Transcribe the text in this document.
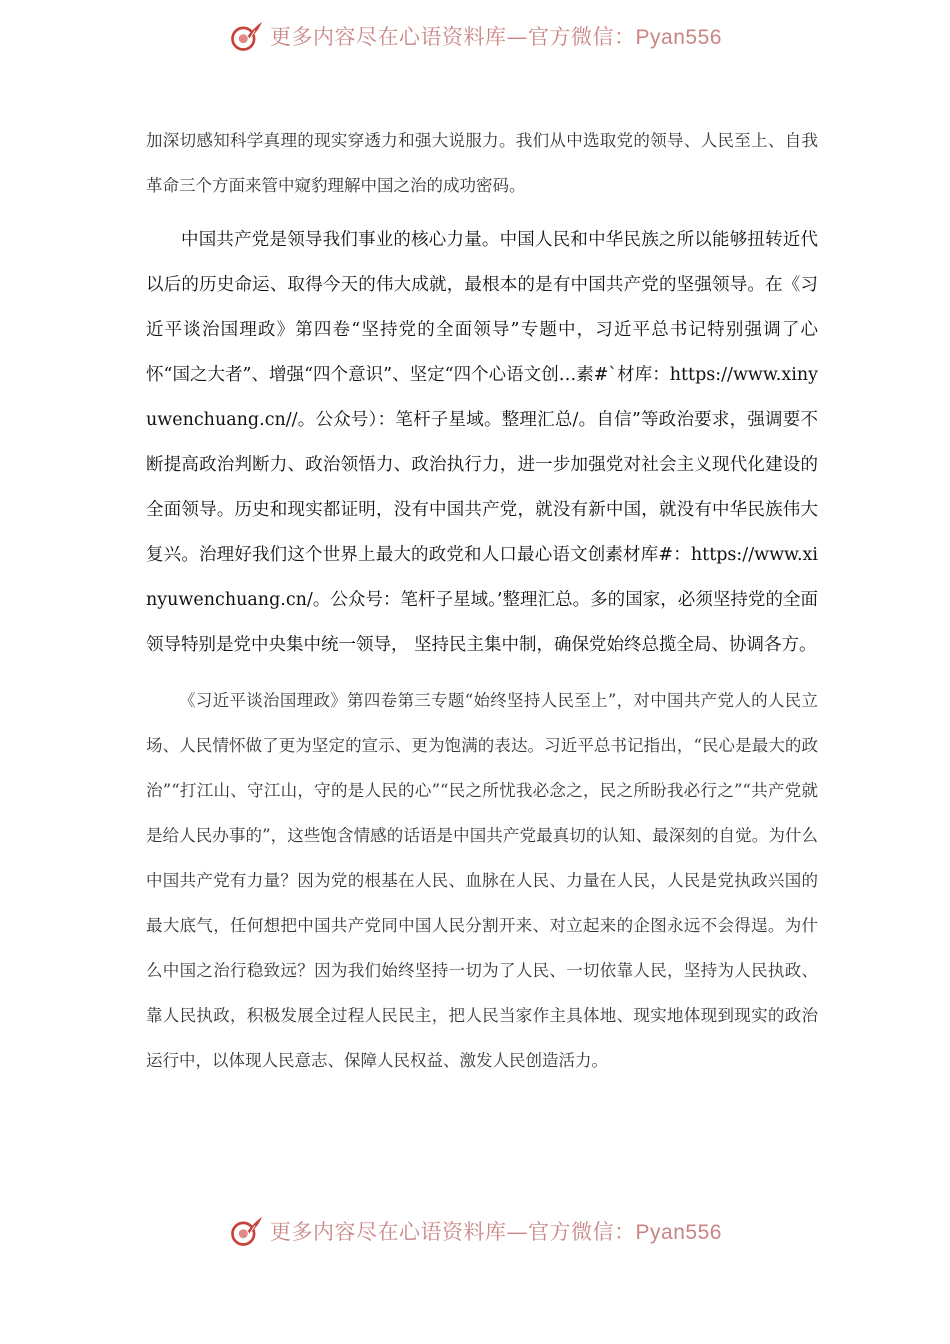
更多内容尽在心语资料库—官方微信：Pyan556

加深切感知科学真理的现实穿透力和强大说服力。我们从中选取党的领导、人民至上、自我革命三个方面来管中窥豹理解中国之治的成功密码。

中国共产党是领导我们事业的核心力量。中国人民和中华民族之所以能够扭转近代以后的历史命运、取得今天的伟大成就，最根本的是有中国共产党的坚强领导。在《习近平谈治国理政》第四卷“坚持党的全面领导”专题中，习近平总书记特别强调了心怀“国之大者”、增强“四个意识”、坚定“四个心语文创…素#`材库：https://www.xinyuwenchuang.cn//。公众号）：笔杆子星域。整理汇总/。自信”等政治要求，强调要不断提高政治判断力、政治领悟力、政治执行力，进一步加强党对社会主义现代化建设的全面领导。历史和现实都证明，没有中国共产党，就没有新中国，就没有中华民族伟大复兴。治理好我们这个世界上最大的政党和人口最心语文创素材库#：https://www.xinyuwenchuang.cn/。公众号：笔杆子星域。’整理汇总。多的国家，必须坚持党的全面领导特别是党中央集中统一领导， 坚持民主集中制，确保党始终总揽全局、协调各方。

《习近平谈治国理政》第四卷第三专题“始终坚持人民至上”，对中国共产党人的人民立场、人民情怀做了更为坚定的宣示、更为饱满的表达。习近平总书记指出，“民心是最大的政治”“打江山、守江山，守的是人民的心”“民之所忧我必念之，民之所盼我必行之”“共产党就是给人民办事的”，这些饱含情感的话语是中国共产党最真切的认知、最深刻的自觉。为什么中国共产党有力量？因为党的根基在人民、血脉在人民、力量在人民，人民是党执政兴国的最大底气，任何想把中国共产党同中国人民分割开来、对立起来的企图永远不会得逞。为什么中国之治行稳致远？因为我们始终坚持一切为了人民、一切依靠人民，坚持为人民执政、靠人民执政，积极发展全过程人民民主，把人民当家作主具体地、现实地体现到现实的政治运行中，以体现人民意志、保障人民权益、激发人民创造活力。

更多内容尽在心语资料库—官方微信：Pyan556
